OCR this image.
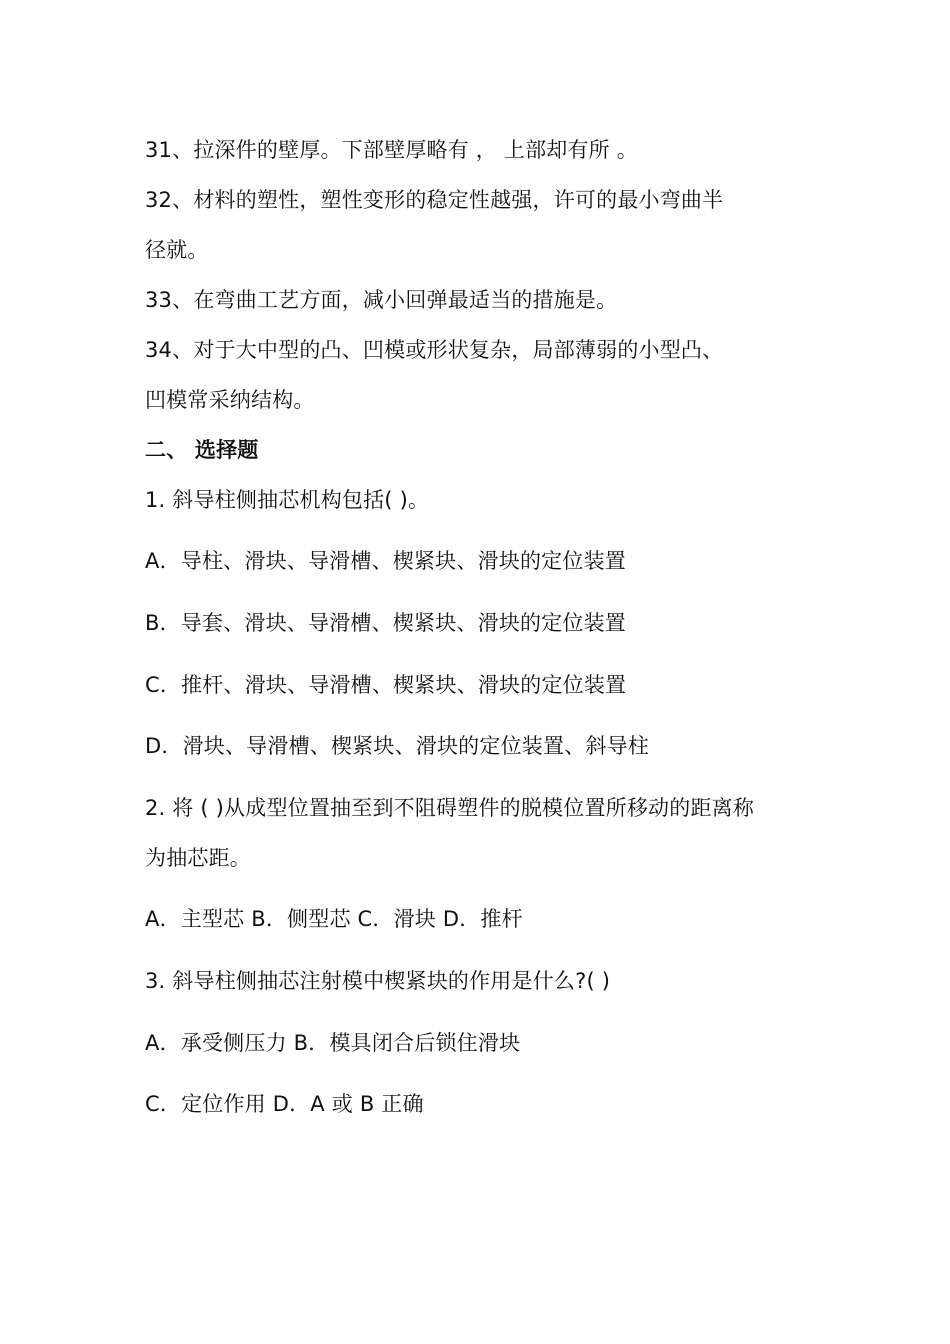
31、拉深件的壁厚。下部壁厚略有 ， 上部却有所 。
32、材料的塑性，塑性变形的稳定性越强，许可的最小弯曲半
径就。
33、在弯曲工艺方面，减小回弹最适当的措施是。
34、对于大中型的凸、凹模或形状复杂，局部薄弱的小型凸、
凹模常采纳结构。
二、 选择题
1. 斜导柱侧抽芯机构包括( )。
A．导柱、滑块、导滑槽、楔紧块、滑块的定位装置
B．导套、滑块、导滑槽、楔紧块、滑块的定位装置
C．推杆、滑块、导滑槽、楔紧块、滑块的定位装置
D．滑块、导滑槽、楔紧块、滑块的定位装置、斜导柱
2. 将 ( )从成型位置抽至到不阻碍塑件的脱模位置所移动的距离称
为抽芯距。
A．主型芯 B．侧型芯 C．滑块 D．推杆
3. 斜导柱侧抽芯注射模中楔紧块的作用是什么?( )
A．承受侧压力 B．模具闭合后锁住滑块
C．定位作用 D．A 或 B 正确
